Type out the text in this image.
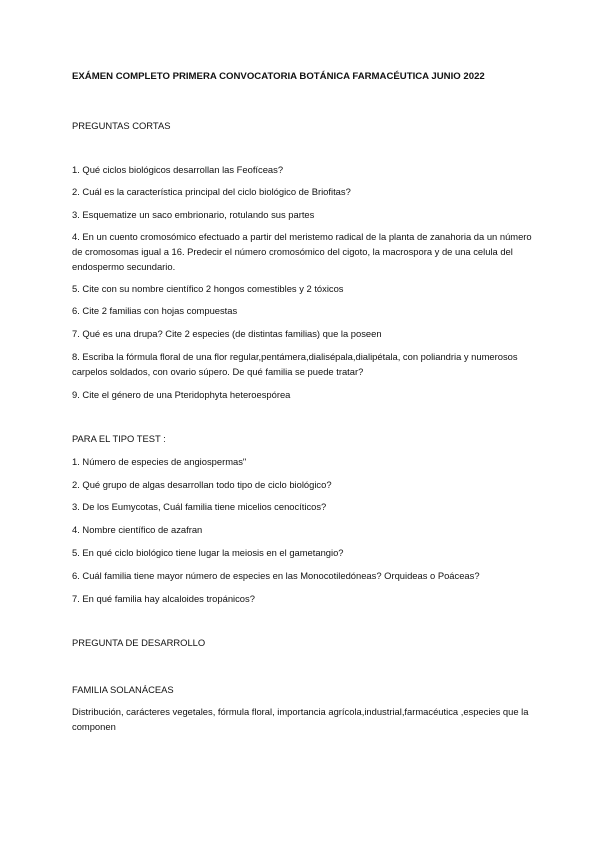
EXÁMEN COMPLETO PRIMERA CONVOCATORIA BOTÁNICA FARMACÉUTICA JUNIO 2022
PREGUNTAS CORTAS
1. Qué ciclos biológicos desarrollan las Feofíceas?
2. Cuál es la característica principal del ciclo biológico de Briofitas?
3. Esquematize un saco embrionario, rotulando sus partes
4. En un cuento cromosómico efectuado a partir del meristemo radical de la planta de zanahoria da un número de cromosomas igual a 16. Predecir el número cromosómico del cigoto, la macrospora y de una celula del endospermo secundario.
5. Cite con su nombre científico 2 hongos comestibles y 2 tóxicos
6. Cite 2 familias con hojas compuestas
7. Qué es una drupa? Cite 2 especies (de distintas familias) que la poseen
8. Escriba la fórmula floral de una flor regular,pentámera,dialisépala,dialipétala, con poliandria y numerosos carpelos soldados, con ovario súpero. De qué familia se puede tratar?
9. Cite el género de una Pteridophyta heteroespórea
PARA EL TIPO TEST :
1. Número de especies de angiospermas"
2. Qué grupo de algas desarrollan todo tipo de ciclo biológico?
3. De los Eumycotas, Cuál familia tiene micelios cenocíticos?
4. Nombre científico de azafran
5. En qué ciclo biológico tiene lugar la meiosis en el gametangio?
6. Cuál familia tiene mayor número de especies en las Monocotiledóneas? Orquideas o Poáceas?
7. En qué familia hay alcaloides tropánicos?
PREGUNTA DE DESARROLLO
FAMILIA SOLANÁCEAS
Distribución, carácteres vegetales, fórmula floral, importancia agrícola,industrial,farmacéutica ,especies que la componen
